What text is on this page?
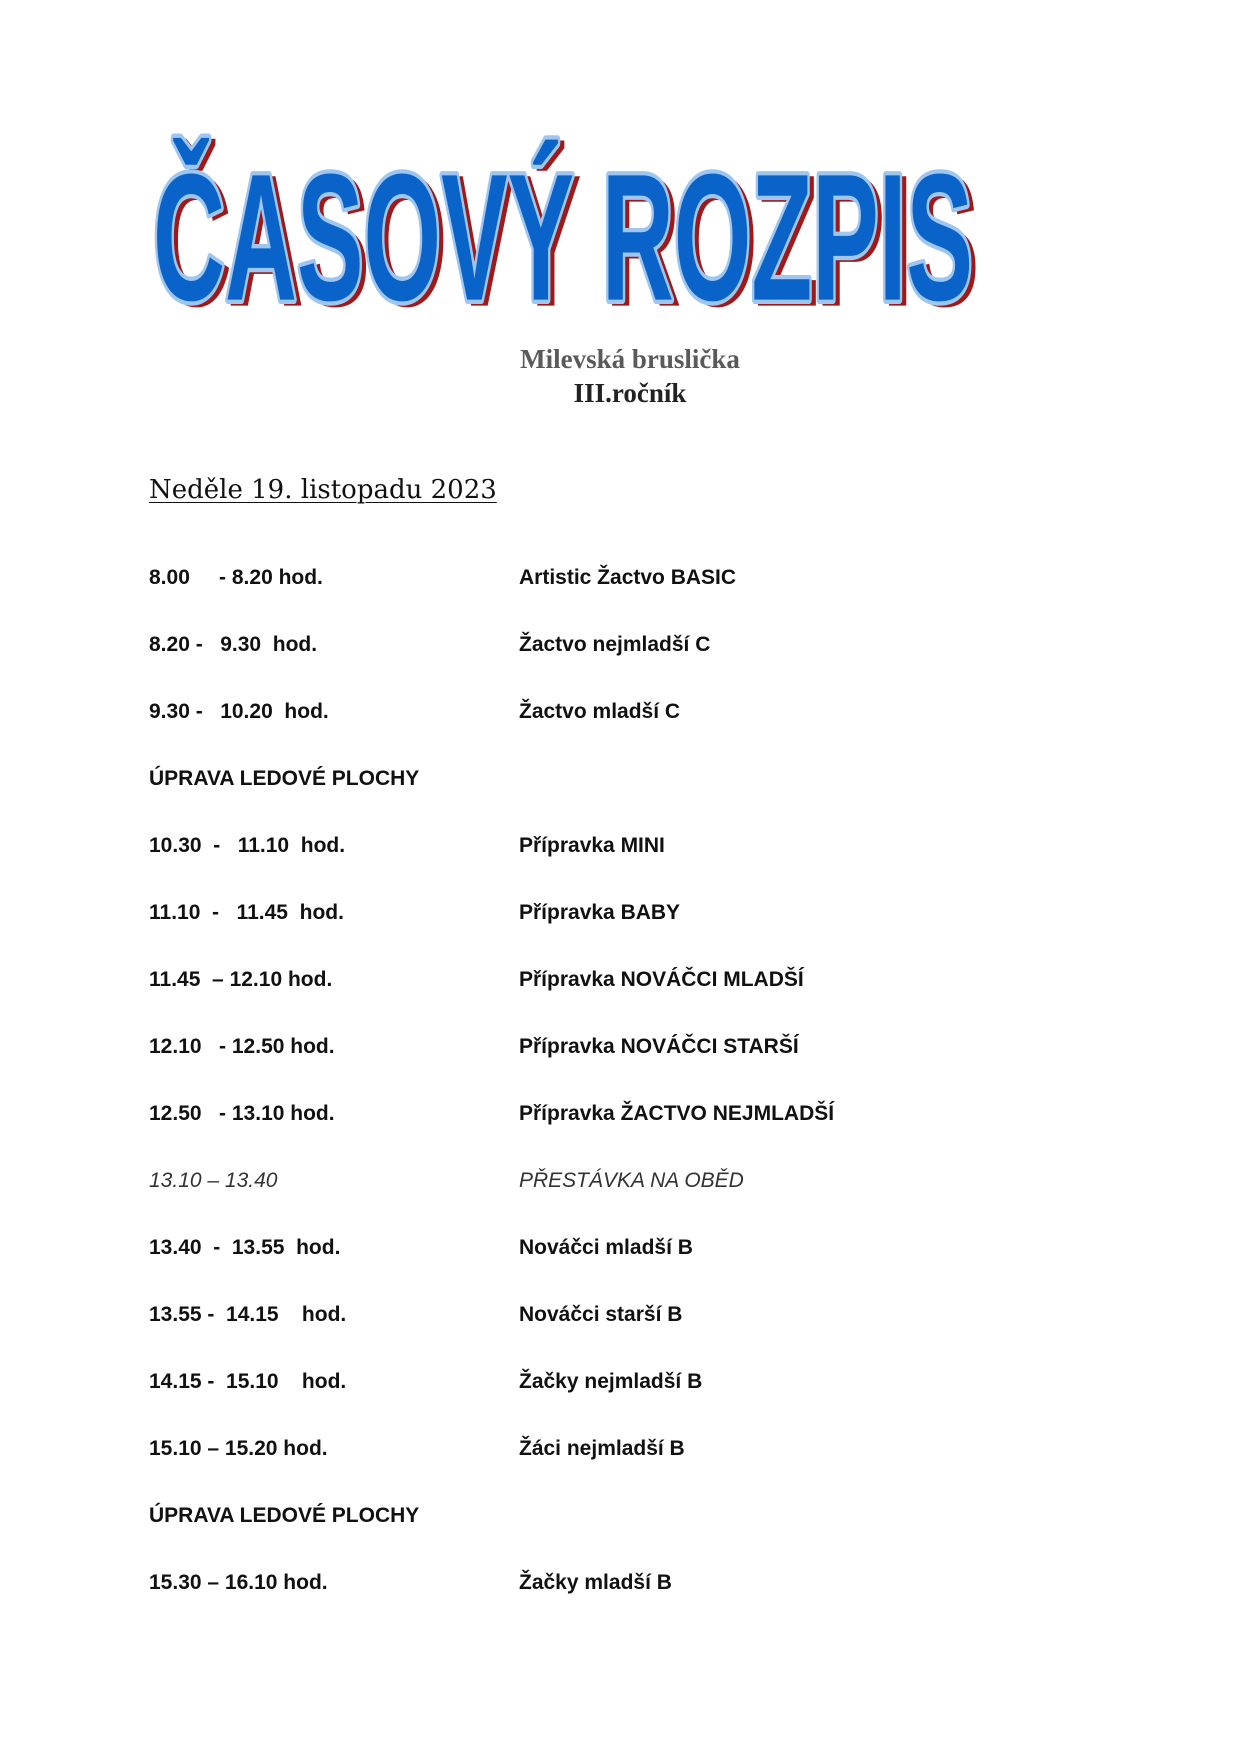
ČASOVÝ ROZPIS
ČASOVÝ ROZPIS
ČASOVÝ ROZPIS
Milevská bruslička
III.ročník
Neděle 19. listopadu 2023
8.00     - 8.20 hod.	Artistic Žactvo BASIC
8.20 -   9.30  hod.	Žactvo nejmladší C
9.30 -   10.20  hod.	Žactvo mladší C
ÚPRAVA LEDOVÉ PLOCHY
10.30  -   11.10  hod.	Přípravka MINI
11.10  -   11.45  hod.	Přípravka BABY
11.45  – 12.10 hod.	Přípravka NOVÁČCI MLADŠÍ
12.10   - 12.50 hod.	Přípravka NOVÁČCI STARŠÍ
12.50   - 13.10 hod.	Přípravka ŽACTVO NEJMLADŠÍ
13.10 – 13.40	PŘESTÁVKA NA OBĚD
13.40  -  13.55  hod.	Nováčci mladší B
13.55 -  14.15    hod.	Nováčci starší B
14.15 -  15.10    hod.	Žačky nejmladší B
15.10 – 15.20 hod.	Žáci nejmladší B
ÚPRAVA LEDOVÉ PLOCHY
15.30 – 16.10 hod.	Žačky mladší B
